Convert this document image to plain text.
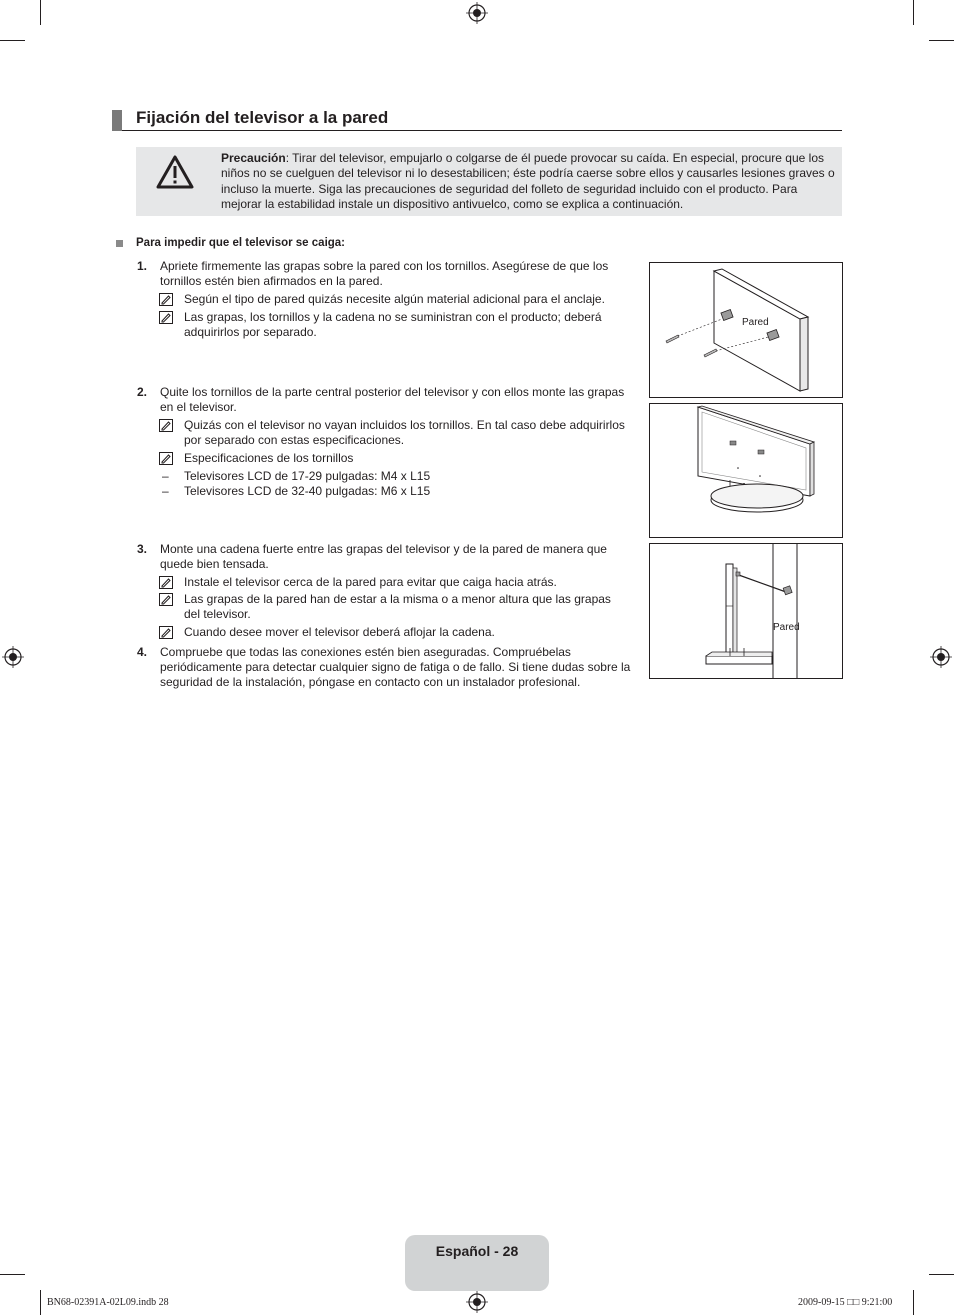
Fijación del televisor a la pared
Precaución: Tirar del televisor, empujarlo o colgarse de él puede provocar su caída. En especial, procure que los niños no se cuelguen del televisor ni lo desestabilicen; éste podría caerse sobre ellos y causarles lesiones graves o incluso la muerte. Siga las precauciones de seguridad del folleto de seguridad incluido con el producto. Para mejorar la estabilidad instale un dispositivo antivuelco, como se explica a continuación.
Para impedir que el televisor se caiga:
1. Apriete firmemente las grapas sobre la pared con los tornillos. Asegúrese de que los tornillos estén bien afirmados en la pared.
Según el tipo de pared quizás necesite algún material adicional para el anclaje.
Las grapas, los tornillos y la cadena no se suministran con el producto; deberá adquirirlos por separado.
2. Quite los tornillos de la parte central posterior del televisor y con ellos monte las grapas en el televisor.
Quizás con el televisor no vayan incluidos los tornillos. En tal caso debe adquirirlos por separado con estas especificaciones.
Especificaciones de los tornillos
– Televisores LCD de 17-29 pulgadas: M4 x L15
– Televisores LCD de 32-40 pulgadas: M6 x L15
3. Monte una cadena fuerte entre las grapas del televisor y de la pared de manera que quede bien tensada.
Instale el televisor cerca de la pared para evitar que caiga hacia atrás.
Las grapas de la pared han de estar a la misma o a menor altura que las grapas del televisor.
Cuando desee mover el televisor deberá aflojar la cadena.
4. Compruebe que todas las conexiones estén bien aseguradas. Compruébelas periódicamente para detectar cualquier signo de fatiga o de fallo. Si tiene dudas sobre la seguridad de la instalación, póngase en contacto con un instalador profesional.
Pared
Pared
Español - 28
BN68-02391A-02L09.indb 28	2009-09-15 □□ 9:21:00
